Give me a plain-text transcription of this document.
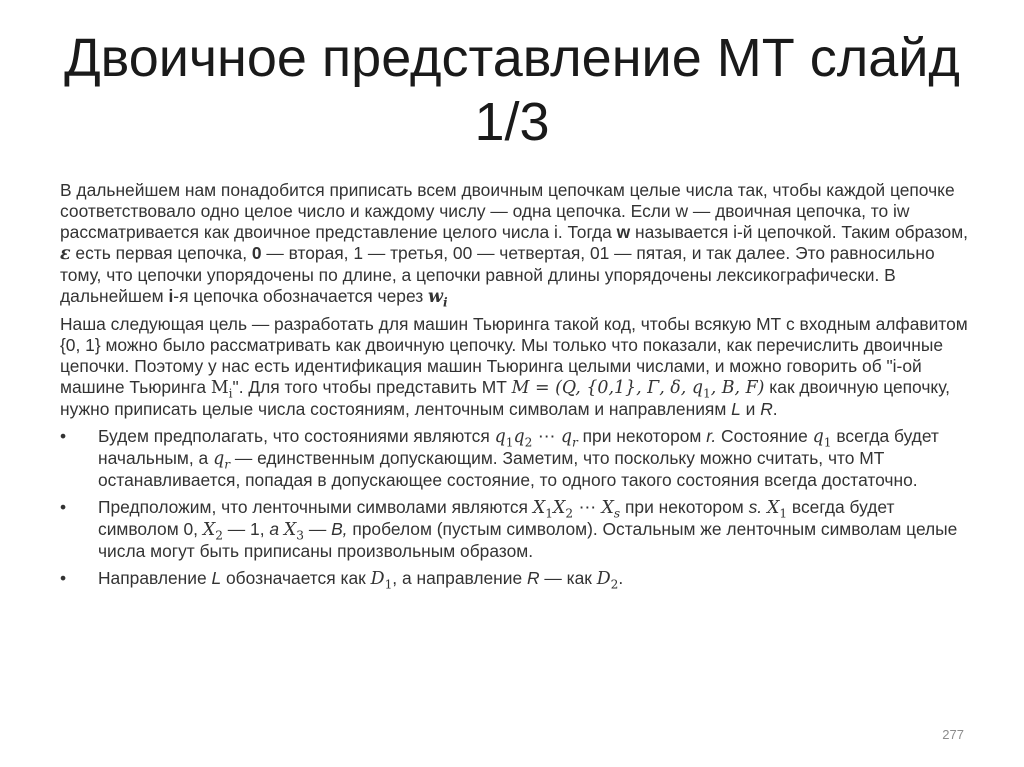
Двоичное представление МТ слайд
1/3

В дальнейшем нам понадобится приписать всем двоичным цепочкам целые числа так, чтобы каждой цепочке соответствовало одно целое число и каждому числу — одна цепочка. Если w — двоичная цепочка, то iw рассматривается как двоичное представление целого числа i. Тогда w называется i-й цепочкой. Таким образом, ε есть первая цепочка, 0 — вторая, 1 — третья, 00 — четвертая, 01 — пятая, и так далее. Это равносильно тому, что цепочки упорядочены по длине, а цепочки равной длины упорядочены лексикографически. В дальнейшем i-я цепочка обозначается через $w_i$

Наша следующая цель — разработать для машин Тьюринга такой код, чтобы всякую МТ с входным алфавитом {0, 1} можно было рассматривать как двоичную цепочку. Мы только что показали, как перечислить двоичные цепочки. Поэтому у нас есть идентификация машин Тьюринга целыми числами, и можно говорить об "i-ой машине Тьюринга $M_i$". Для того чтобы представить МТ M = (Q, {0,1}, Γ, δ, $q_1$, B, F) как двоичную цепочку, нужно приписать целые числа состояниям, ленточным символам и направлениям L и R.

•	Будем предполагать, что состояниями являются $q_1q_2$ ⋯ $q_r$ при некотором r. Состояние $q_1$ всегда будет начальным, а $q_r$ — единственным допускающим. Заметим, что поскольку можно считать, что МТ останавливается, попадая в допускающее состояние, то одного такого состояния всегда достаточно.
•	Предположим, что ленточными символами являются $X_1X_2$ ⋯ $X_s$ при некотором s. $X_1$ всегда будет символом 0, $X_2$ — 1, а $X_3$ — B, пробелом (пустым символом). Остальным же ленточным символам целые числа могут быть приписаны произвольным образом.
•	Направление L обозначается как $D_1$, а направление R — как $D_2$.
277
